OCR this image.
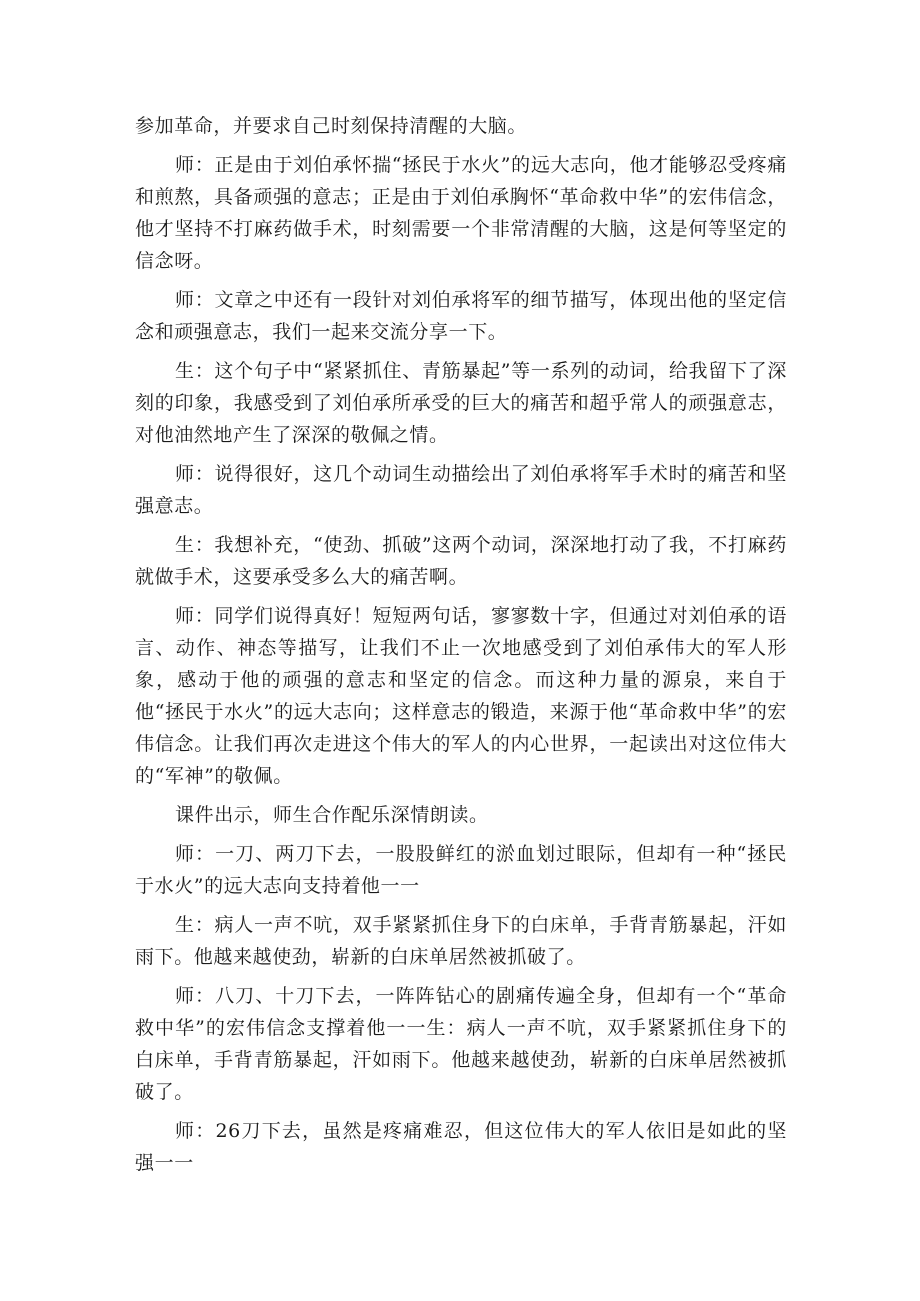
参加革命，并要求自己时刻保持清醒的大脑。

师：正是由于刘伯承怀揣“拯民于水火”的远大志向，他才能够忍受疼痛和煎熬，具备顽强的意志；正是由于刘伯承胸怀“革命救中华”的宏伟信念，他才坚持不打麻药做手术，时刻需要一个非常清醒的大脑，这是何等坚定的信念呀。

师：文章之中还有一段针对刘伯承将军的细节描写，体现出他的坚定信念和顽强意志，我们一起来交流分享一下。

生：这个句子中“紧紧抓住、青筋暴起”等一系列的动词，给我留下了深刻的印象，我感受到了刘伯承所承受的巨大的痛苦和超乎常人的顽强意志，对他油然地产生了深深的敬佩之情。

师：说得很好，这几个动词生动描绘出了刘伯承将军手术时的痛苦和坚强意志。

生：我想补充，“使劲、抓破”这两个动词，深深地打动了我，不打麻药就做手术，这要承受多么大的痛苦啊。

师：同学们说得真好！短短两句话，寥寥数十字，但通过对刘伯承的语言、动作、神态等描写，让我们不止一次地感受到了刘伯承伟大的军人形象，感动于他的顽强的意志和坚定的信念。而这种力量的源泉，来自于他“拯民于水火”的远大志向；这样意志的锻造，来源于他“革命救中华”的宏伟信念。让我们再次走进这个伟大的军人的内心世界，一起读出对这位伟大的“军神”的敬佩。

课件出示，师生合作配乐深情朗读。

师：一刀、两刀下去，一股股鲜红的淤血划过眼际，但却有一种“拯民于水火”的远大志向支持着他一一

生：病人一声不吭，双手紧紧抓住身下的白床单，手背青筋暴起，汗如雨下。他越来越使劲，崭新的白床单居然被抓破了。

师：八刀、十刀下去，一阵阵钻心的剧痛传遍全身，但却有一个“革命救中华”的宏伟信念支撑着他一一生：病人一声不吭，双手紧紧抓住身下的白床单，手背青筋暴起，汗如雨下。他越来越使劲，崭新的白床单居然被抓破了。

师：26刀下去，虽然是疼痛难忍，但这位伟大的军人依旧是如此的坚强一一
